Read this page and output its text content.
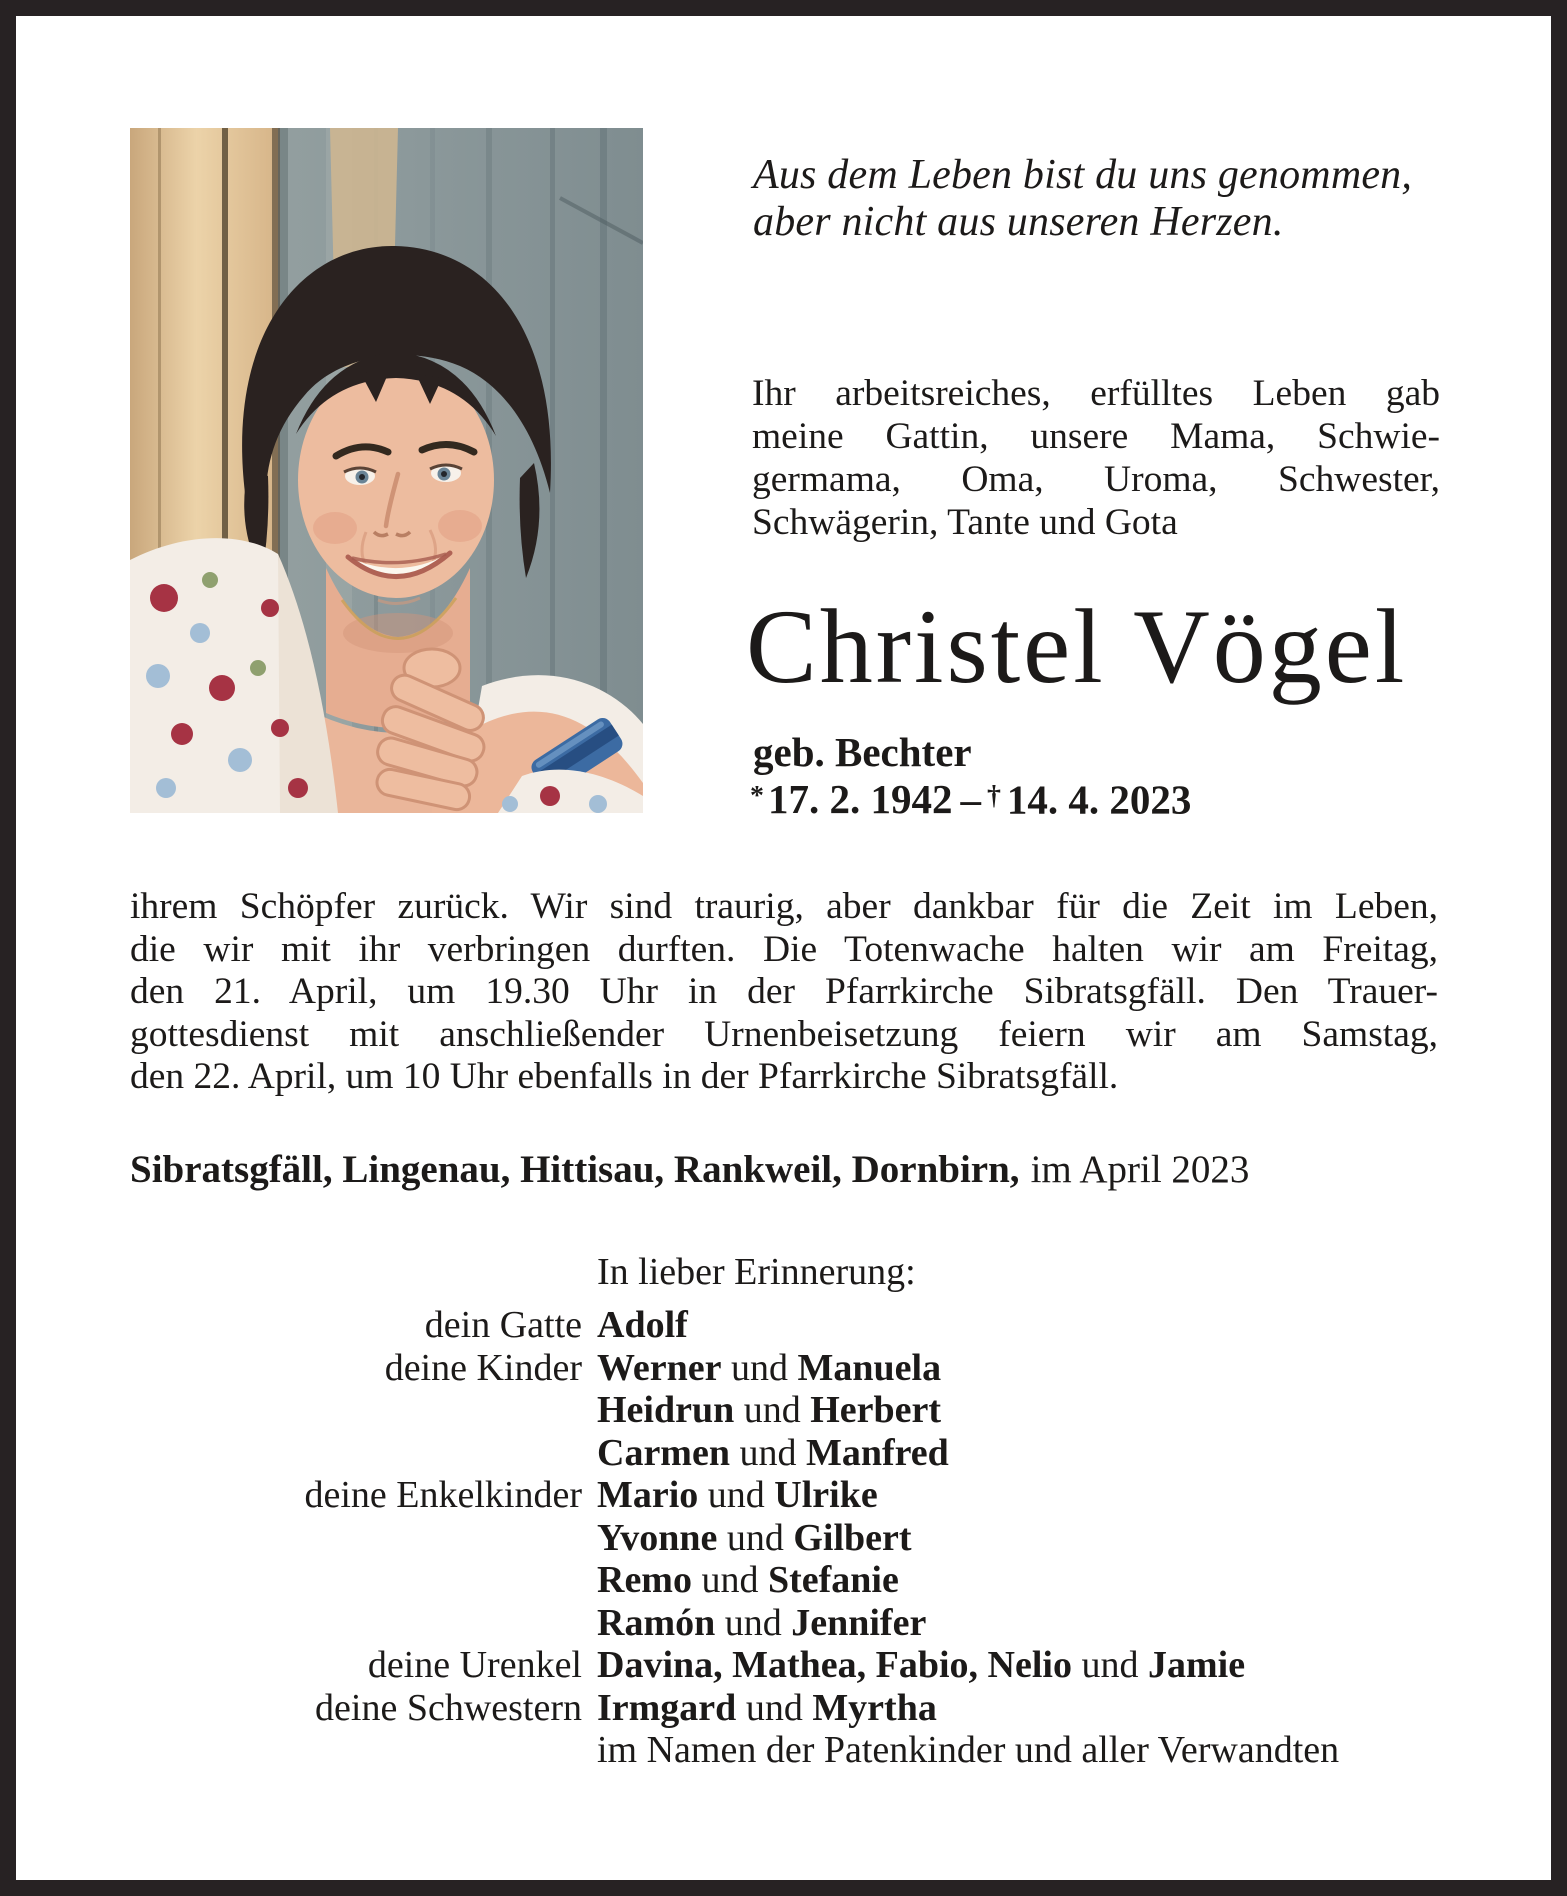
Aus dem Leben bist du uns genommen,
aber nicht aus unseren Herzen.
Ihr arbeitsreiches, erfülltes Leben gab
meine Gattin, unsere Mama, Schwie-
germama, Oma, Uroma, Schwester,
Schwägerin, Tante und Gota
Christel Vögel
geb. Bechter
*17. 2. 1942 – † 14. 4. 2023
ihrem Schöpfer zurück. Wir sind traurig, aber dankbar für die Zeit im Leben,
die wir mit ihr verbringen durften. Die Totenwache halten wir am Freitag,
den 21. April, um 19.30 Uhr in der Pfarrkirche Sibratsgfäll. Den Trauer-
gottesdienst mit anschließender Urnenbeisetzung feiern wir am Samstag,
den 22. April, um 10 Uhr ebenfalls in der Pfarrkirche Sibratsgfäll.
Sibratsgfäll, Lingenau, Hittisau, Rankweil, Dornbirn, im April 2023
In lieber Erinnerung:
dein Gatte Adolf
deine Kinder Werner und Manuela
Heidrun und Herbert
Carmen und Manfred
deine Enkelkinder Mario und Ulrike
Yvonne und Gilbert
Remo und Stefanie
Ramón und Jennifer
deine Urenkel Davina, Mathea, Fabio, Nelio und Jamie
deine Schwestern Irmgard und Myrtha
im Namen der Patenkinder und aller Verwandten
